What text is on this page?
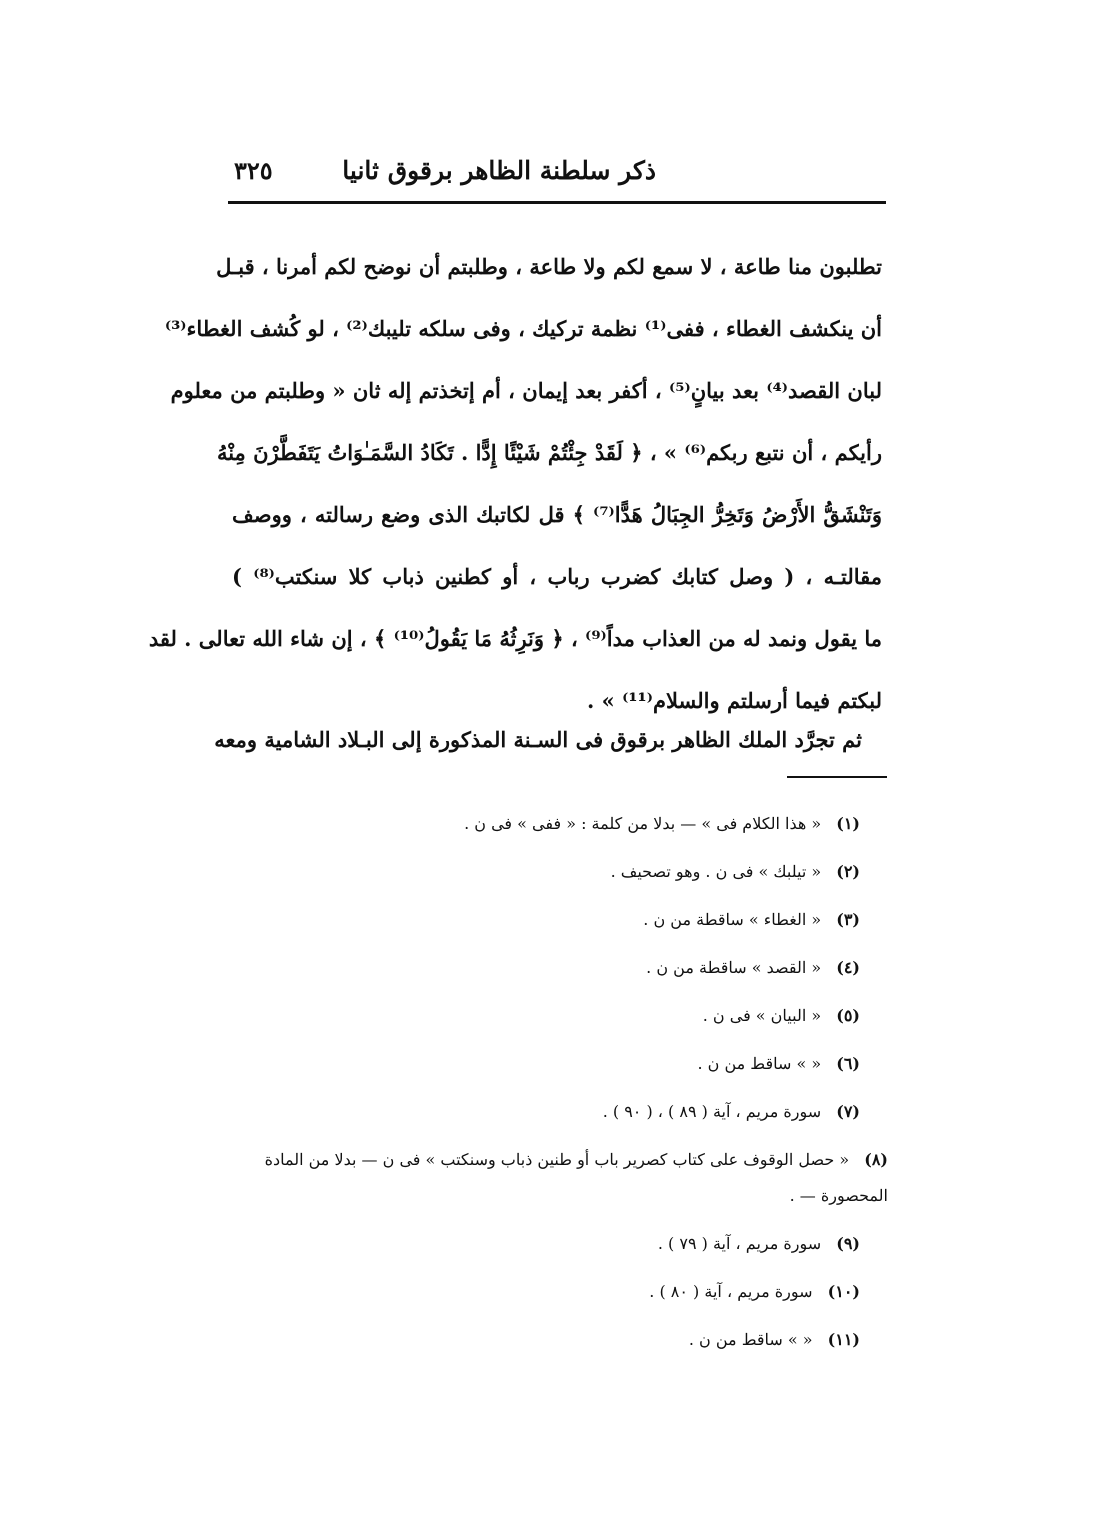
ذكر سلطنة الظاهر برقوق ثانيا
٣٢٥
تطلبون منا طاعة ، لا سمع لكم ولا طاعة ، وطلبتم أن نوضح لكم أمرنا ، قبـل
أن ينكشف الغطاء ، ففى⁽¹⁾ نظمة تركيك ، وفى سلكه تليبك⁽²⁾ ، لو كُشف الغطاء⁽³⁾
لبان القصد⁽⁴⁾ بعد بيانٍ⁽⁵⁾ ، أكفر بعد إيمان ، أم إتخذتم إله ثان « وطلبتم من معلوم
رأيكم ، أن نتبع ربكم⁽⁶⁾ » ، ﴿ لَقَدْ جِئْتُمْ شَيْئًا إِدًّا . تَكَادُ السَّمَـٰوَاتُ يَتَفَطَّرْنَ مِنْهُ
وَتَنْشَقُّ الأَرْضُ وَتَخِرُّ الجِبَالُ هَدًّا⁽⁷⁾ ﴾ قل لكاتبك الذى وضع رسالته ، ووصف
مقالتـه ، ( وصل كتابك كضرب رباب ، أو كطنين ذباب كلا سنكتب⁽⁸⁾ )
ما يقول ونمد له من العذاب مداً⁽⁹⁾ ، ﴿ وَنَرِثُهُ مَا يَقُولُ⁽¹⁰⁾ ﴾ ، إن شاء الله تعالى . لقد
لبكتم فيما أرسلتم والسلام⁽¹¹⁾ » .
ثم تجرَّد الملك الظاهر برقوق فى السـنة المذكورة إلى البـلاد الشامية ومعه
(١) « هذا الكلام فى » — بدلا من كلمة : « ففى » فى ن .
(٢) « تيلبك » فى ن . وهو تصحيف .
(٣) « الغطاء » ساقطة من ن .
(٤) « القصد » ساقطة من ن .
(٥) « البيان » فى ن .
(٦) « » ساقط من ن .
(٧) سورة مريم ، آية ( ٨٩ ) ، ( ٩٠ ) .
(٨) « حصل الوقوف على كتاب كصرير باب أو طنين ذباب وسنكتب » فى ن — بدلا من المادة المحصورة — .
(٩) سورة مريم ، آية ( ٧٩ ) .
(١٠) سورة مريم ، آية ( ٨٠ ) .
(١١) « » ساقط من ن .
